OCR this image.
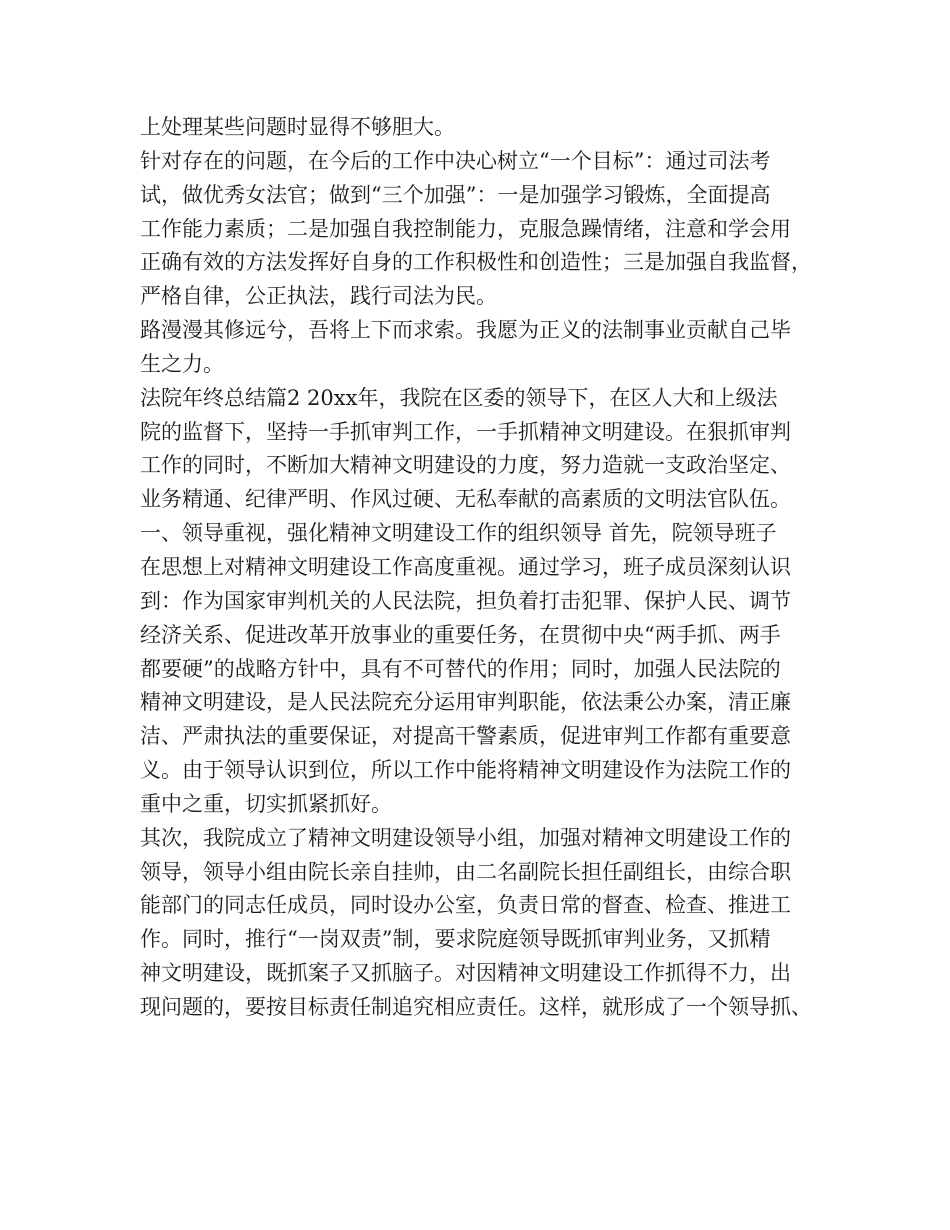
上处理某些问题时显得不够胆大。
针对存在的问题，在今后的工作中决心树立“一个目标”：通过司法考
试，做优秀女法官；做到“三个加强”：一是加强学习锻炼，全面提高
工作能力素质；二是加强自我控制能力，克服急躁情绪，注意和学会用
正确有效的方法发挥好自身的工作积极性和创造性；三是加强自我监督，
严格自律，公正执法，践行司法为民。
路漫漫其修远兮，吾将上下而求索。我愿为正义的法制事业贡献自己毕
生之力。
法院年终总结篇2 20xx年，我院在区委的领导下，在区人大和上级法
院的监督下，坚持一手抓审判工作，一手抓精神文明建设。在狠抓审判
工作的同时，不断加大精神文明建设的力度，努力造就一支政治坚定、
业务精通、纪律严明、作风过硬、无私奉献的高素质的文明法官队伍。
一、领导重视，强化精神文明建设工作的组织领导 首先，院领导班子
在思想上对精神文明建设工作高度重视。通过学习，班子成员深刻认识
到：作为国家审判机关的人民法院，担负着打击犯罪、保护人民、调节
经济关系、促进改革开放事业的重要任务，在贯彻中央“两手抓、两手
都要硬”的战略方针中，具有不可替代的作用；同时，加强人民法院的
精神文明建设，是人民法院充分运用审判职能，依法秉公办案，清正廉
洁、严肃执法的重要保证，对提高干警素质，促进审判工作都有重要意
义。由于领导认识到位，所以工作中能将精神文明建设作为法院工作的
重中之重，切实抓紧抓好。
其次，我院成立了精神文明建设领导小组，加强对精神文明建设工作的
领导，领导小组由院长亲自挂帅，由二名副院长担任副组长，由综合职
能部门的同志任成员，同时设办公室，负责日常的督查、检查、推进工
作。同时，推行“一岗双责”制，要求院庭领导既抓审判业务，又抓精
神文明建设，既抓案子又抓脑子。对因精神文明建设工作抓得不力，出
现问题的，要按目标责任制追究相应责任。这样，就形成了一个领导抓、
